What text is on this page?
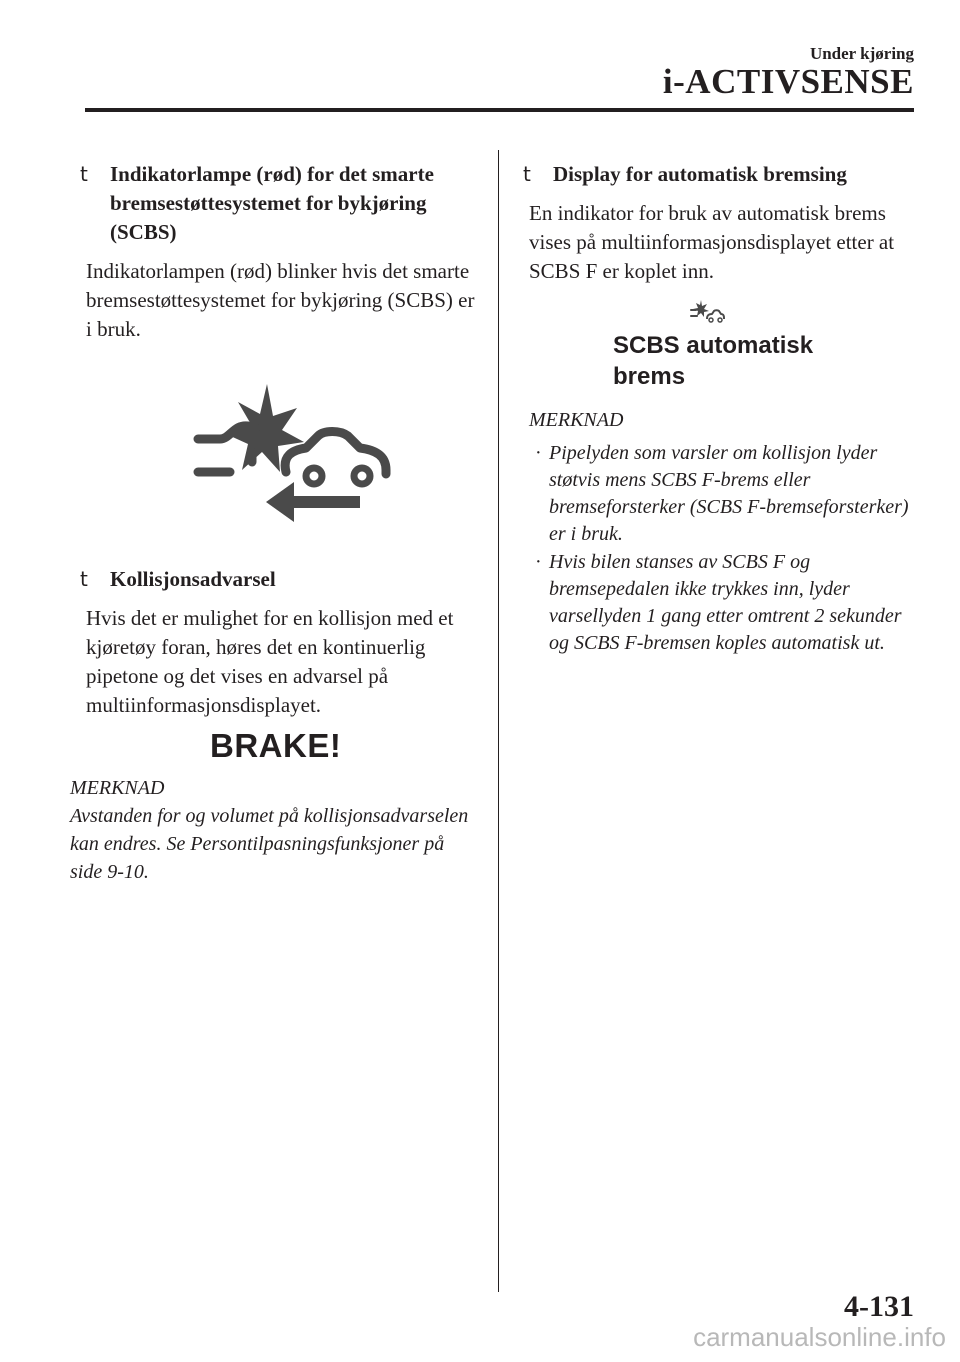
Under kjøring
i-ACTIVSENSE
t Indikatorlampe (rød) for det smarte bremsestøttesystemet for bykjøring (SCBS)
Indikatorlampen (rød) blinker hvis det smarte bremsestøttesystemet for bykjøring (SCBS) er i bruk.
t Kollisjonsadvarsel
Hvis det er mulighet for en kollisjon med et kjøretøy foran, høres det en kontinuerlig pipetone og det vises en advarsel på multiinformasjonsdisplayet.
BRAKE!
MERKNAD
Avstanden for og volumet på kollisjonsadvarselen kan endres. Se Persontilpasningsfunksjoner på side 9-10.
t Display for automatisk bremsing
En indikator for bruk av automatisk brems vises på multiinformasjonsdisplayet etter at SCBS F er koplet inn.
SCBS automatisk brems
MERKNAD
· Pipelyden som varsler om kollisjon lyder støtvis mens SCBS F-brems eller bremseforsterker (SCBS F-bremseforsterker) er i bruk.
· Hvis bilen stanses av SCBS F og bremsepedalen ikke trykkes inn, lyder varsellyden 1 gang etter omtrent 2 sekunder og SCBS F-bremsen koples automatisk ut.
4-131
carmanualsonline.info
